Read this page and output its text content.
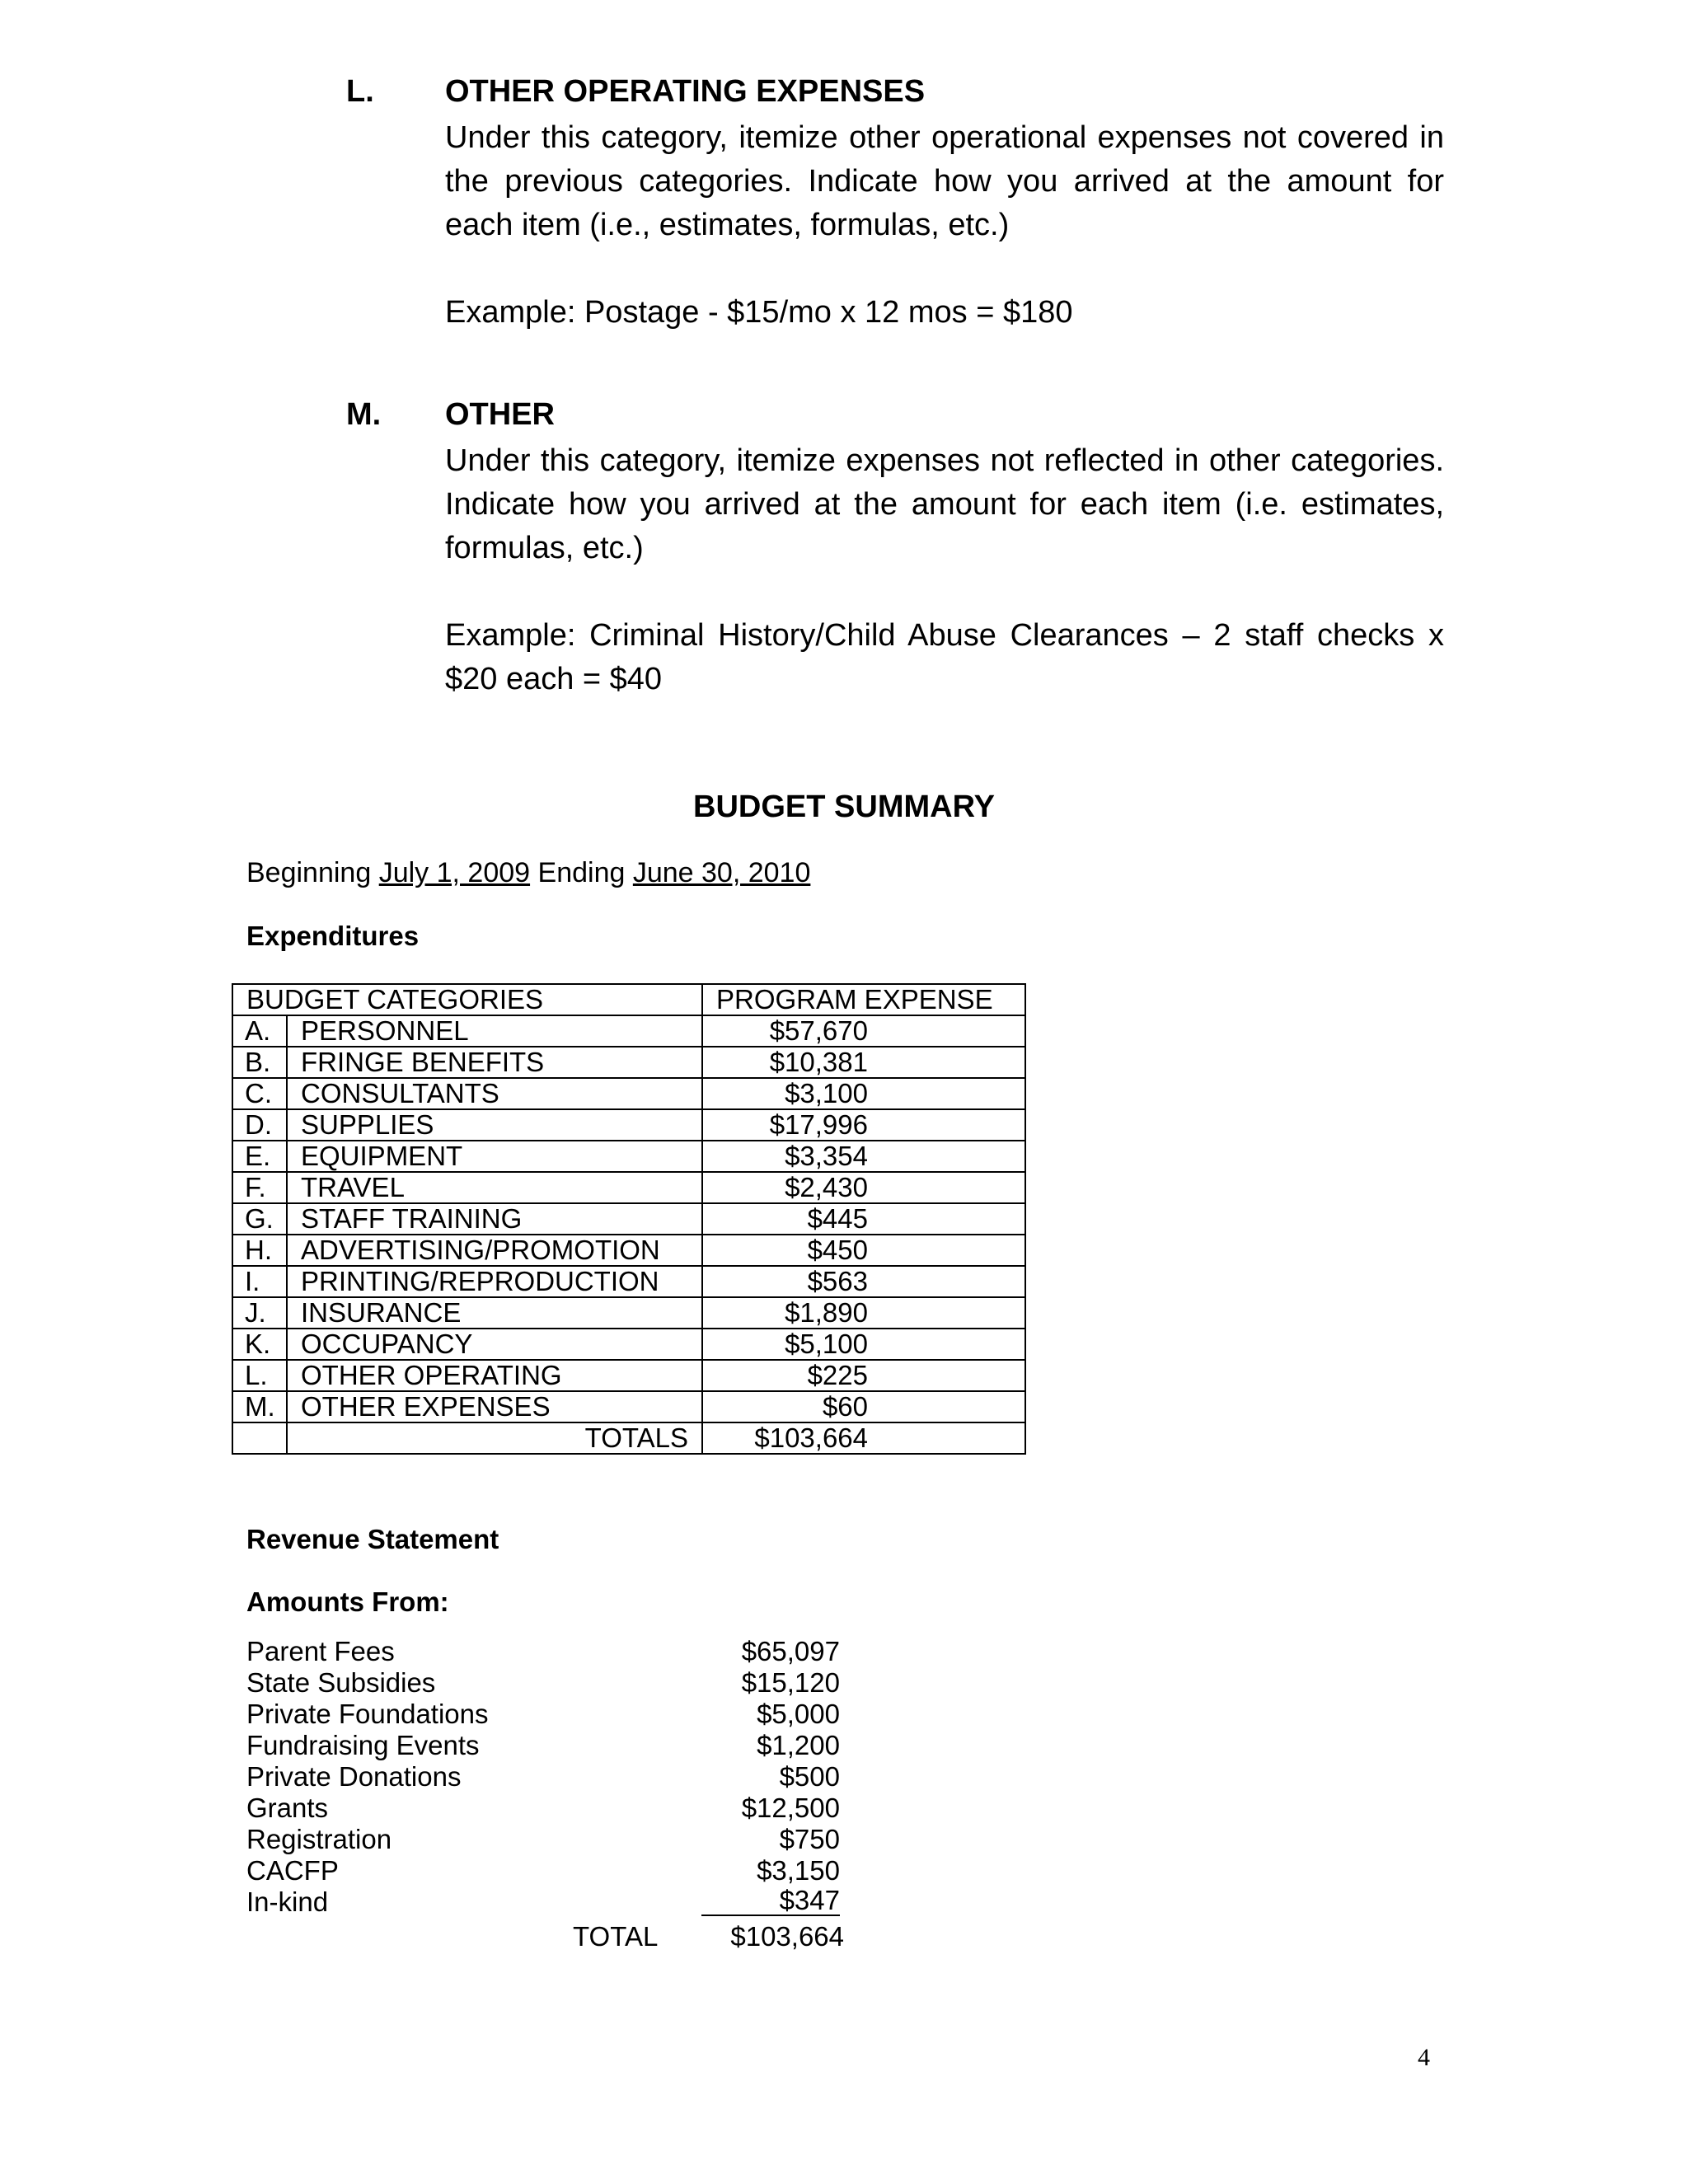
L.	OTHER OPERATING EXPENSES

Under this category, itemize other operational expenses not covered in the previous categories. Indicate how you arrived at the amount for each item (i.e., estimates, formulas, etc.)

Example: Postage - $15/mo x 12 mos = $180

M.	OTHER

Under this category, itemize expenses not reflected in other categories. Indicate how you arrived at the amount for each item (i.e. estimates, formulas, etc.)

Example: Criminal History/Child Abuse Clearances – 2 staff checks x $20 each = $40

BUDGET SUMMARY
Beginning July 1, 2009 Ending June 30, 2010
Expenditures
BUDGET CATEGORIES		PROGRAM EXPENSE
A.	PERSONNEL	$57,670
B.	FRINGE BENEFITS	$10,381
C.	CONSULTANTS	$3,100
D.	SUPPLIES	$17,996
E.	EQUIPMENT	$3,354
F.	TRAVEL	$2,430
G.	STAFF TRAINING	$445
H.	ADVERTISING/PROMOTION	$450
I.	PRINTING/REPRODUCTION	$563
J.	INSURANCE	$1,890
K.	OCCUPANCY	$5,100
L.	OTHER OPERATING	$225
M.	OTHER EXPENSES	$60
	TOTALS	$103,664
Revenue Statement
Amounts From:
Parent Fees	$65,097
State Subsidies	$15,120
Private Foundations	$5,000
Fundraising Events	$1,200
Private Donations	$500
Grants	$12,500
Registration	$750
CACFP	$3,150
In-kind	$347
TOTAL	$103,664
4
